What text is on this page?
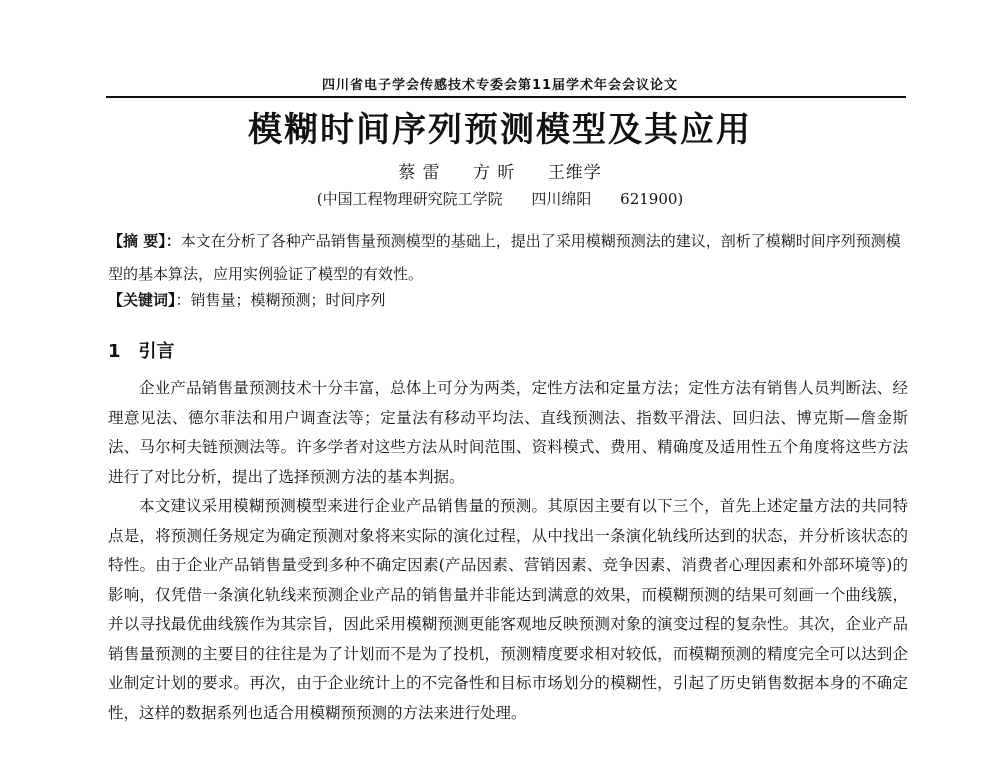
四川省电子学会传感技术专委会第11届学术年会会议论文
模糊时间序列预测模型及其应用
蔡 雷 方 昕 王维学
(中国工程物理研究院工学院 四川绵阳 621900)
【摘 要】：本文在分析了各种产品销售量预测模型的基础上，提出了采用模糊预测法的建议，剖析了模糊时间序列预测模型的基本算法，应用实例验证了模型的有效性。
【关键词】：销售量；模糊预测；时间序列
1 引言

企业产品销售量预测技术十分丰富，总体上可分为两类，定性方法和定量方法；定性方法有销售人员判断法、经理意见法、德尔菲法和用户调查法等；定量法有移动平均法、直线预测法、指数平滑法、回归法、博克斯—詹金斯法、马尔柯夫链预测法等。许多学者对这些方法从时间范围、资料模式、费用、精确度及适用性五个角度将这些方法进行了对比分析，提出了选择预测方法的基本判据。

本文建议采用模糊预测模型来进行企业产品销售量的预测。其原因主要有以下三个，首先上述定量方法的共同特点是，将预测任务规定为确定预测对象将来实际的演化过程，从中找出一条演化轨线所达到的状态，并分析该状态的特性。由于企业产品销售量受到多种不确定因素(产品因素、营销因素、竞争因素、消费者心理因素和外部环境等)的影响，仅凭借一条演化轨线来预测企业产品的销售量并非能达到满意的效果，而模糊预测的结果可刻画一个曲线簇，并以寻找最优曲线簇作为其宗旨，因此采用模糊预测更能客观地反映预测对象的演变过程的复杂性。其次，企业产品销售量预测的主要目的往往是为了计划而不是为了投机，预测精度要求相对较低，而模糊预测的精度完全可以达到企业制定计划的要求。再次，由于企业统计上的不完备性和目标市场划分的模糊性，引起了历史销售数据本身的不确定性，这样的数据系列也适合用模糊预预测的方法来进行处理。
